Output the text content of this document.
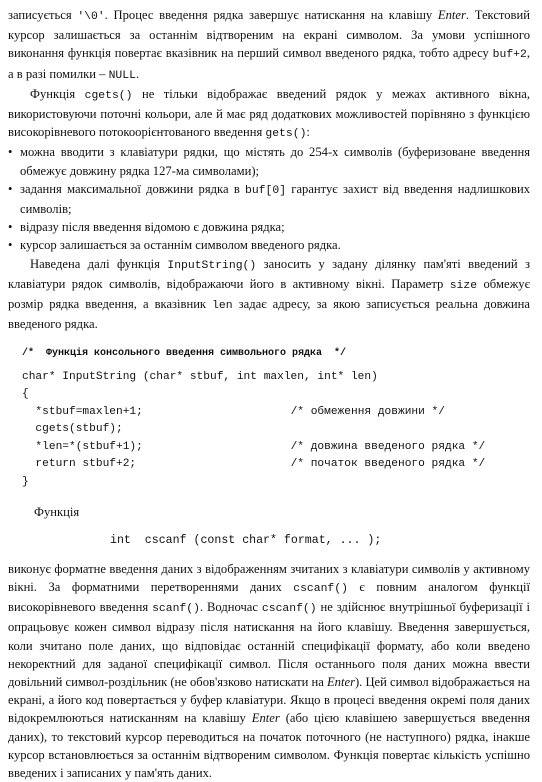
записується '\0'. Процес введення рядка завершує натискання на клавішу Enter. Текстовий курсор залишається за останнім відтвореним на екрані символом. За умови успішного виконання функція повертає вказівник на перший символ введеного рядка, тобто адресу buf+2, а в разі помилки – NULL.

Функція cgets() не тільки відображає введений рядок у межах активного вікна, використовуючи поточні кольори, але й має ряд додаткових можливостей порівняно з функцією високорівневого потокоорієнтованого введення gets():

• можна вводити з клавіатури рядки, що містять до 254-х символів (буферизоване введення обмежує довжину рядка 127-ма символами);
• задання максимальної довжини рядка в buf[0] гарантує захист від введення надлишкових символів;
• відразу після введення відомою є довжина рядка;
• курсор залишається за останнім символом введеного рядка.

Наведена далі функція InputString() заносить у задану ділянку пам'яті введений з клавіатури рядок символів, відображаючи його в активному вікні. Параметр size обмежує розмір рядка введення, а вказівник len задає адресу, за якою записується реальна довжина введеного рядка.

/*  Функція консольного введення символьного рядка  */
char* InputString (char* stbuf, int maxlen, int* len)
{
*stbuf=maxlen+1;	/* обмеження довжини */
cgets(stbuf);
*len=*(stbuf+1);	/* довжина введеного рядка */
return stbuf+2;	/* початок введеного рядка */
}

Функція

int  cscanf (const char* format, ... );

виконує форматне введення даних з відображенням зчитаних з клавіатури символів у активному вікні. За форматними перетвореннями даних cscanf() є повним аналогом функції високорівневого введення scanf(). Водночас cscanf() не здійснює внутрішньої буферизації і опрацьовує кожен символ відразу після натискання на його клавішу. Введення завершується, коли зчитано поле даних, що відповідає останній специфікації формату, або коли введено некоректний для заданої специфікації символ. Після останнього поля даних можна ввести довільний символ-роздільник (не обов'язково натискати на Enter). Цей символ відображається на екрані, а його код повертається у буфер клавіатури. Якщо в процесі введення окремі поля даних відокремлюються натисканням на клавішу Enter (або цією клавішею завершується введення даних), то текстовий курсор переводиться на початок поточного (не наступного) рядка, інакше курсор встановлюється за останнім відтвореним символом. Функція повертає кількість успішно введених і записаних у пам'ять даних.
